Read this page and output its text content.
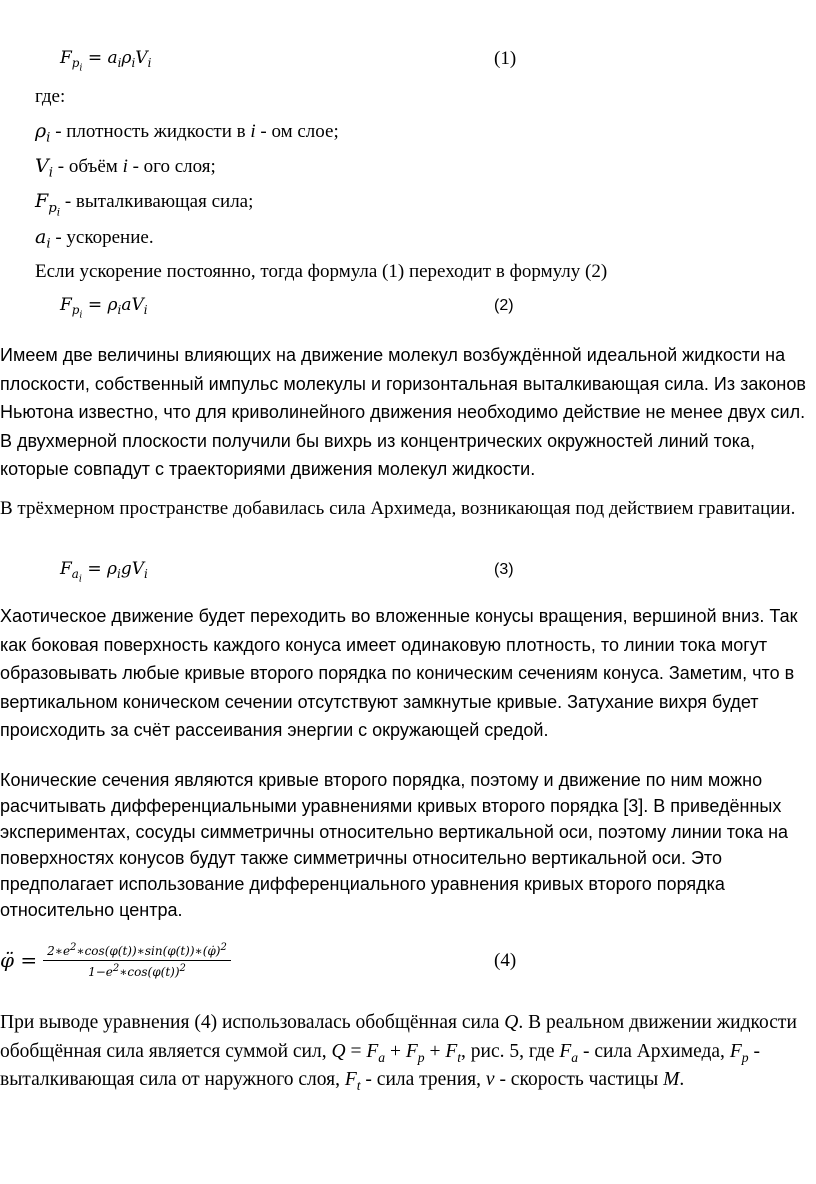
$F_{p_i} = a_i\rho_iV_i$	(1)
где:
$\rho_i$ - плотность жидкости в i - ом слое;
$V_i$ - объём i - ого слоя;
$F_{p_i}$ - выталкивающая сила;
$a_i$ - ускорение.
Если ускорение постоянно, тогда формула (1) переходит в формулу (2)
$F_{p_i} = \rho_iaV_i$	(2)

Имеем две величины влияющих на движение молекул возбуждённой идеальной жидкости на плоскости, собственный импульс молекулы и горизонтальная выталкивающая сила. Из законов Ньютона известно, что для криволинейного движения необходимо действие не менее двух сил. В двухмерной плоскости получили бы вихрь из концентрических окружностей линий тока, которые совпадут с траекториями движения молекул жидкости.

В трёхмерном пространстве добавилась сила Архимеда, возникающая под действием гравитации.

$F_{a_i} = \rho_igV_i$	(3)

Хаотическое движение будет переходить во вложенные конусы вращения, вершиной вниз. Так как боковая поверхность каждого конуса имеет одинаковую плотность, то линии тока могут образовывать любые кривые второго порядка по коническим сечениям конуса. Заметим, что в вертикальном коническом сечении отсутствуют замкнутые кривые. Затухание вихря будет происходить за счёт рассеивания энергии с окружающей средой.

Конические сечения являются кривые второго порядка, поэтому и движение по ним можно расчитывать дифференциальными уравнениями кривых второго порядка [3]. В приведённых экспериментах, сосуды симметричны относительно вертикальной оси, поэтому линии тока на поверхностях конусов будут также симметричны относительно вертикальной оси. Это предполагает использование дифференциального уравнения кривых второго порядка относительно центра.

φ̈ = $\frac{2∗e^2∗\cos(\varphi(t))∗\sin(\varphi(t))∗(\varphi̇)^2}{1-e^2∗\cos(\varphi(t))^2}$	(4)

При выводе уравнения (4) использовалась обобщённая сила Q. В реальном движении жидкости обобщённая сила является суммой сил, $Q = F_a + F_p + F_t$, рис. 5, где $F_a$ - сила Архимеда, $F_p$ - выталкивающая сила от наружного слоя, $F_t$ - сила трения, v - скорость частицы M.
